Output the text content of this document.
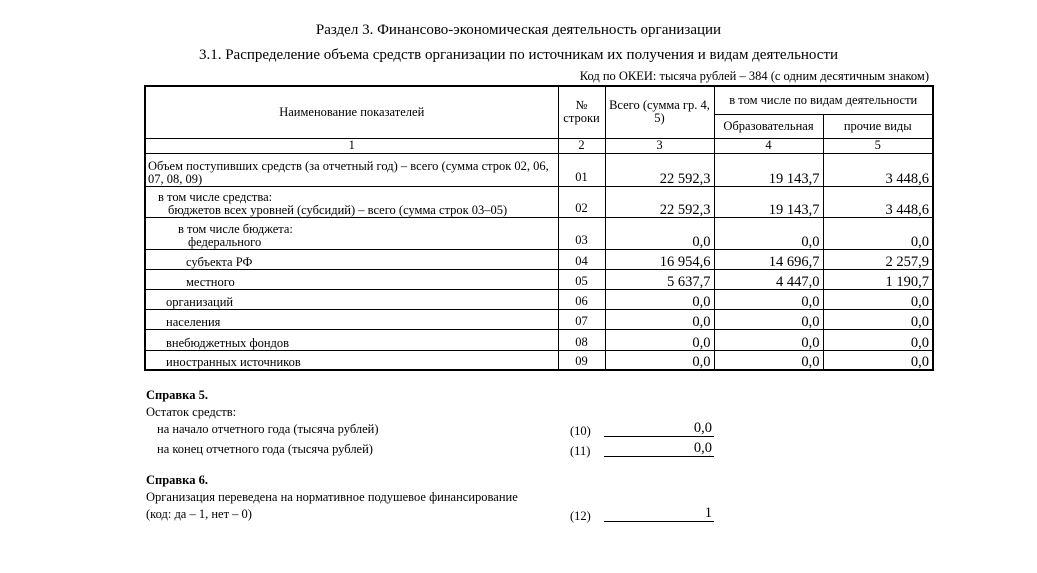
Раздел 3. Финансово-экономическая деятельность организации
3.1. Распределение объема средств организации по источникам их получения и видам деятельности
Код по ОКЕИ: тысяча рублей – 384 (с одним десятичным знаком)
Наименование показателей	№ строки	Всего (сумма гр. 4, 5)	в том числе по видам деятельности	
			Образовательная	прочие виды
1	2	3	4	5
Объем поступивших средств (за отчетный год) – всего (сумма строк 02, 06, 07, 08, 09)	01	22 592,3	19 143,7	3 448,6

в том числе средства:
бюджетов всех уровней (субсидий) – всего (сумма строк 03–05)	02	22 592,3	19 143,7	3 448,6

в том числе бюджета:
федерального	03	0,0	0,0	0,0
субъекта РФ	04	16 954,6	14 696,7	2 257,9
местного	05	5 637,7	4 447,0	1 190,7
организаций	06	0,0	0,0	0,0
населения	07	0,0	0,0	0,0
внебюджетных фондов	08	0,0	0,0	0,0
иностранных источников	09	0,0	0,0	0,0
Справка 5.
Остаток средств:
на начало отчетного года (тысяча рублей)	(10)	0,0
на конец отчетного года (тысяча рублей)	(11)	0,0
Справка 6.
Организация переведена на нормативное подушевое финансирование
(код: да – 1, нет – 0)	(12)	1
